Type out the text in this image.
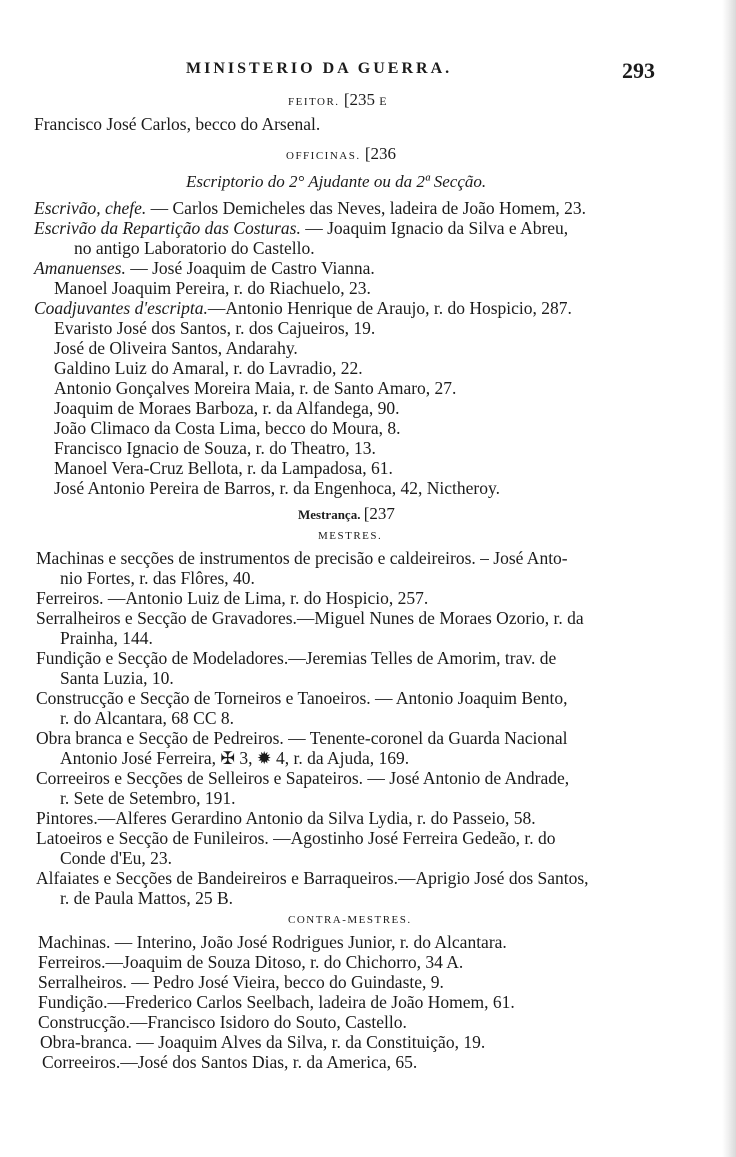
MINISTERIO DA GUERRA.	293
FEITOR. [235 e
Francisco José Carlos, becco do Arsenal.
OFFICINAS. [236
Escriptorio do 2° Ajudante ou da 2ª Secção.
Escrivão, chefe. — Carlos Demicheles das Neves, ladeira de João Homem, 23.
Escrivão da Repartição das Costuras. — Joaquim Ignacio da Silva e Abreu,
no antigo Laboratorio do Castello.
Amanuenses. — José Joaquim de Castro Vianna.
Manoel Joaquim Pereira, r. do Riachuelo, 23.
Coadjuvantes d'escripta.—Antonio Henrique de Araujo, r. do Hospicio, 287.
Evaristo José dos Santos, r. dos Cajueiros, 19.
José de Oliveira Santos, Andarahy.
Galdino Luiz do Amaral, r. do Lavradio, 22.
Antonio Gonçalves Moreira Maia, r. de Santo Amaro, 27.
Joaquim de Moraes Barboza, r. da Alfandega, 90.
João Climaco da Costa Lima, becco do Moura, 8.
Francisco Ignacio de Souza, r. do Theatro, 13.
Manoel Vera-Cruz Bellota, r. da Lampadosa, 61.
José Antonio Pereira de Barros, r. da Engenhoca, 42, Nictheroy.
Mestrança. [237
MESTRES.
Machinas e secções de instrumentos de precisão e caldeireiros. – José Anto-
nio Fortes, r. das Flôres, 40.
Ferreiros. —Antonio Luiz de Lima, r. do Hospicio, 257.
Serralheiros e Secção de Gravadores.—Miguel Nunes de Moraes Ozorio, r. da
Prainha, 144.
Fundição e Secção de Modeladores.—Jeremias Telles de Amorim, trav. de
Santa Luzia, 10.
Construcção e Secção de Torneiros e Tanoeiros. — Antonio Joaquim Bento,
r. do Alcantara, 68 CC 8.
Obra branca e Secção de Pedreiros. — Tenente-coronel da Guarda Nacional
Antonio José Ferreira, ✠ 3, ✹ 4, r. da Ajuda, 169.
Correeiros e Secções de Selleiros e Sapateiros. — José Antonio de Andrade,
r. Sete de Setembro, 191.
Pintores.—Alferes Gerardino Antonio da Silva Lydia, r. do Passeio, 58.
Latoeiros e Secção de Funileiros. —Agostinho José Ferreira Gedeão, r. do
Conde d'Eu, 23.
Alfaiates e Secções de Bandeireiros e Barraqueiros.—Aprigio José dos Santos,
r. de Paula Mattos, 25 B.
CONTRA-MESTRES.
Machinas. — Interino, João José Rodrigues Junior, r. do Alcantara.
Ferreiros.—Joaquim de Souza Ditoso, r. do Chichorro, 34 A.
Serralheiros. — Pedro José Vieira, becco do Guindaste, 9.
Fundição.—Frederico Carlos Seelbach, ladeira de João Homem, 61.
Construcção.—Francisco Isidoro do Souto, Castello.
Obra-branca. — Joaquim Alves da Silva, r. da Constituição, 19.
Correeiros.—José dos Santos Dias, r. da America, 65.
